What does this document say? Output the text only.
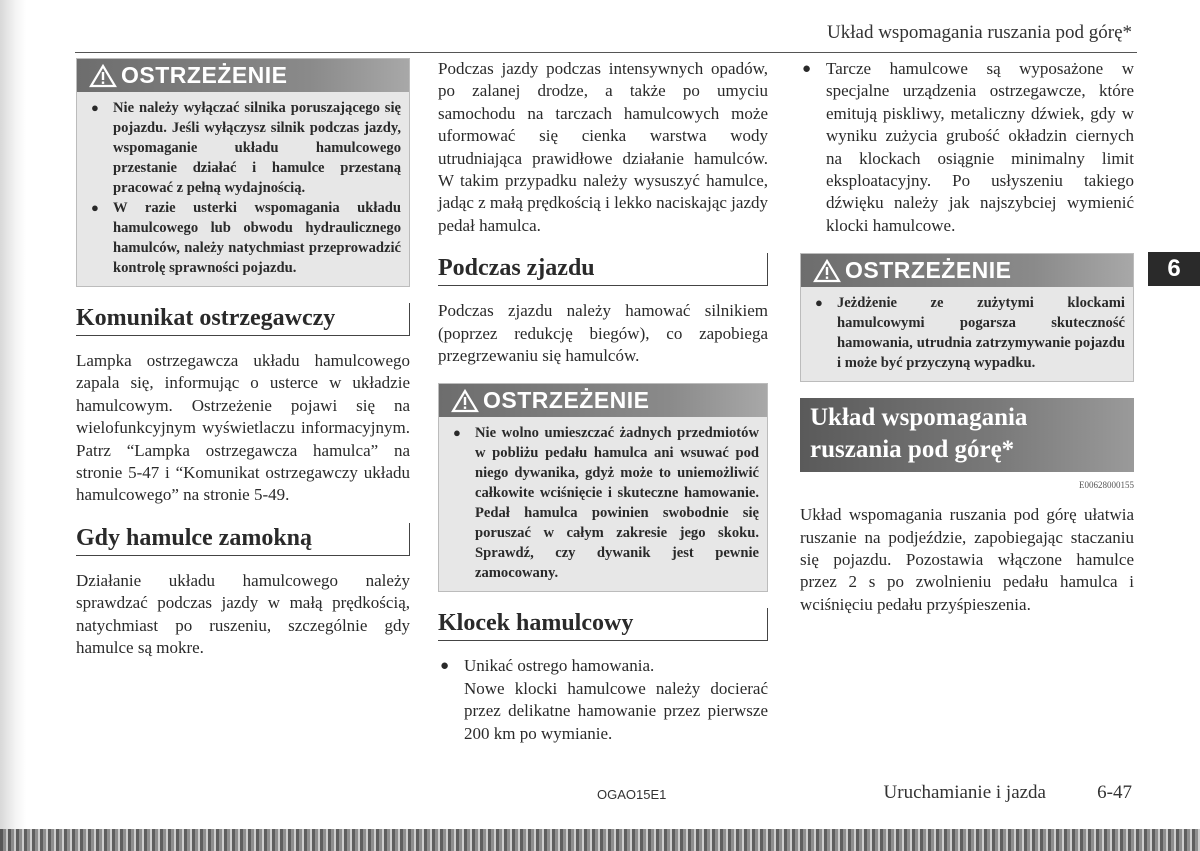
Układ wspomagania ruszania pod górę*
OSTRZEŻENIE
● Nie należy wyłączać silnika poruszającego się pojazdu. Jeśli wyłączysz silnik podczas jazdy, wspomaganie układu hamulcowego przestanie działać i hamulce przestaną pracować z pełną wydajnością.
● W razie usterki wspomagania układu hamulcowego lub obwodu hydraulicznego hamulców, należy natychmiast przeprowadzić kontrolę sprawności pojazdu.
Komunikat ostrzegawczy

Lampka ostrzegawcza układu hamulcowego zapala się, informując o usterce w układzie hamulcowym. Ostrzeżenie pojawi się na wielofunkcyjnym wyświetlaczu informacyjnym. Patrz “Lampka ostrzegawcza hamulca” na stronie 5-47 i “Komunikat ostrzegawczy układu hamulcowego” na stronie 5-49.

Gdy hamulce zamokną

Działanie układu hamulcowego należy sprawdzać podczas jazdy w małą prędkością, natychmiast po ruszeniu, szczególnie gdy hamulce są mokre.

Podczas jazdy podczas intensywnych opadów, po zalanej drodze, a także po umyciu samochodu na tarczach hamulcowych może uformować się cienka warstwa wody utrudniająca prawidłowe działanie hamulców. W takim przypadku należy wysuszyć hamulce, jadąc z małą prędkością i lekko naciskając jazdy pedał hamulca.

Podczas zjazdu

Podczas zjazdu należy hamować silnikiem (poprzez redukcję biegów), co zapobiega przegrzewaniu się hamulców.

OSTRZEŻENIE
● Nie wolno umieszczać żadnych przedmiotów w pobliżu pedału hamulca ani wsuwać pod niego dywanika, gdyż może to uniemożliwić całkowite wciśnięcie i skuteczne hamowanie. Pedał hamulca powinien swobodnie się poruszać w całym zakresie jego skoku. Sprawdź, czy dywanik jest pewnie zamocowany.
Klocek hamulcowy
● Unikać ostrego hamowania.
Nowe klocki hamulcowe należy docierać przez delikatne hamowanie przez pierwsze 200 km po wymianie.
● Tarcze hamulcowe są wyposażone w specjalne urządzenia ostrzegawcze, które emitują piskliwy, metaliczny dźwiek, gdy w wyniku zużycia grubość okładzin ciernych na klockach osiągnie minimalny limit eksploatacyjny. Po usłyszeniu takiego dźwięku należy jak najszybciej wymienić klocki hamulcowe.
OSTRZEŻENIE
● Jeżdżenie ze zużytymi klockami hamulcowymi pogarsza skuteczność hamowania, utrudnia zatrzymywanie pojazdu i może być przyczyną wypadku.
Układ wspomagania ruszania pod górę*
E00628000155

Układ wspomagania ruszania pod górę ułatwia ruszanie na podjeździe, zapobiegając staczaniu się pojazdu. Pozostawia włączone hamulce przez 2 s po zwolnieniu pedału hamulca i wciśnięciu pedału przyśpieszenia.

6
OGAO15E1	Uruchamianie i jazda	6-47
